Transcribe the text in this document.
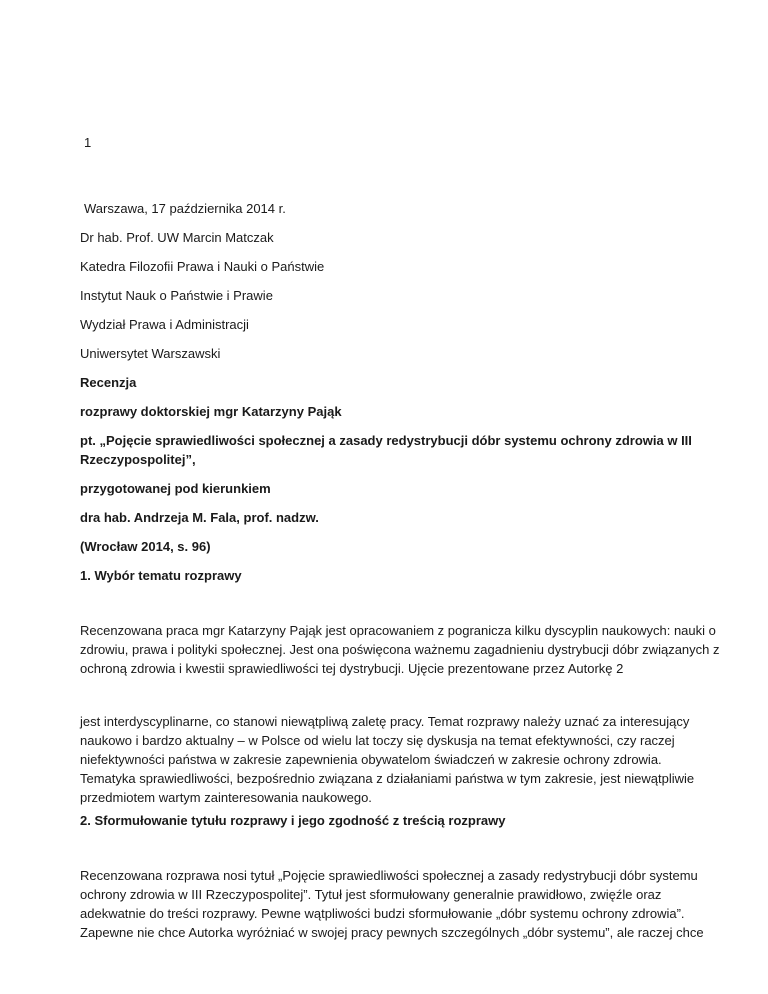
1
Warszawa, 17 października 2014 r.
Dr hab. Prof. UW Marcin Matczak
Katedra Filozofii Prawa i Nauki o Państwie
Instytut Nauk o Państwie i Prawie
Wydział Prawa i Administracji
Uniwersytet Warszawski
Recenzja
rozprawy doktorskiej mgr Katarzyny Pająk
pt. „Pojęcie sprawiedliwości społecznej a zasady redystrybucji dóbr systemu ochrony zdrowia w III
Rzeczypospolitej”,
przygotowanej pod kierunkiem
dra hab. Andrzeja M. Fala, prof. nadzw.
(Wrocław 2014, s. 96)
1. Wybór tematu rozprawy
Recenzowana praca mgr Katarzyny Pająk jest opracowaniem z pogranicza kilku dyscyplin naukowych: nauki o
zdrowiu, prawa i polityki społecznej. Jest ona poświęcona ważnemu zagadnieniu dystrybucji dóbr związanych z
ochroną zdrowia i kwestii sprawiedliwości tej dystrybucji. Ujęcie prezentowane przez Autorkę 2
jest interdyscyplinarne, co stanowi niewątpliwą zaletę pracy. Temat rozprawy należy uznać za interesujący
naukowo i bardzo aktualny – w Polsce od wielu lat toczy się dyskusja na temat efektywności, czy raczej
niefektywności państwa w zakresie zapewnienia obywatelom świadczeń w zakresie ochrony zdrowia.
Tematyka sprawiedliwości, bezpośrednio związana z działaniami państwa w tym zakresie, jest niewątpliwie
przedmiotem wartym zainteresowania naukowego.
2. Sformułowanie tytułu rozprawy i jego zgodność z treścią rozprawy
Recenzowana rozprawa nosi tytuł „Pojęcie sprawiedliwości społecznej a zasady redystrybucji dóbr systemu
ochrony zdrowia w III Rzeczypospolitej”. Tytuł jest sformułowany generalnie prawidłowo, zwięźle oraz
adekwatnie do treści rozprawy. Pewne wątpliwości budzi sformułowanie „dóbr systemu ochrony zdrowia”.
Zapewne nie chce Autorka wyróżniać w swojej pracy pewnych szczególnych „dóbr systemu”, ale raczej chce
